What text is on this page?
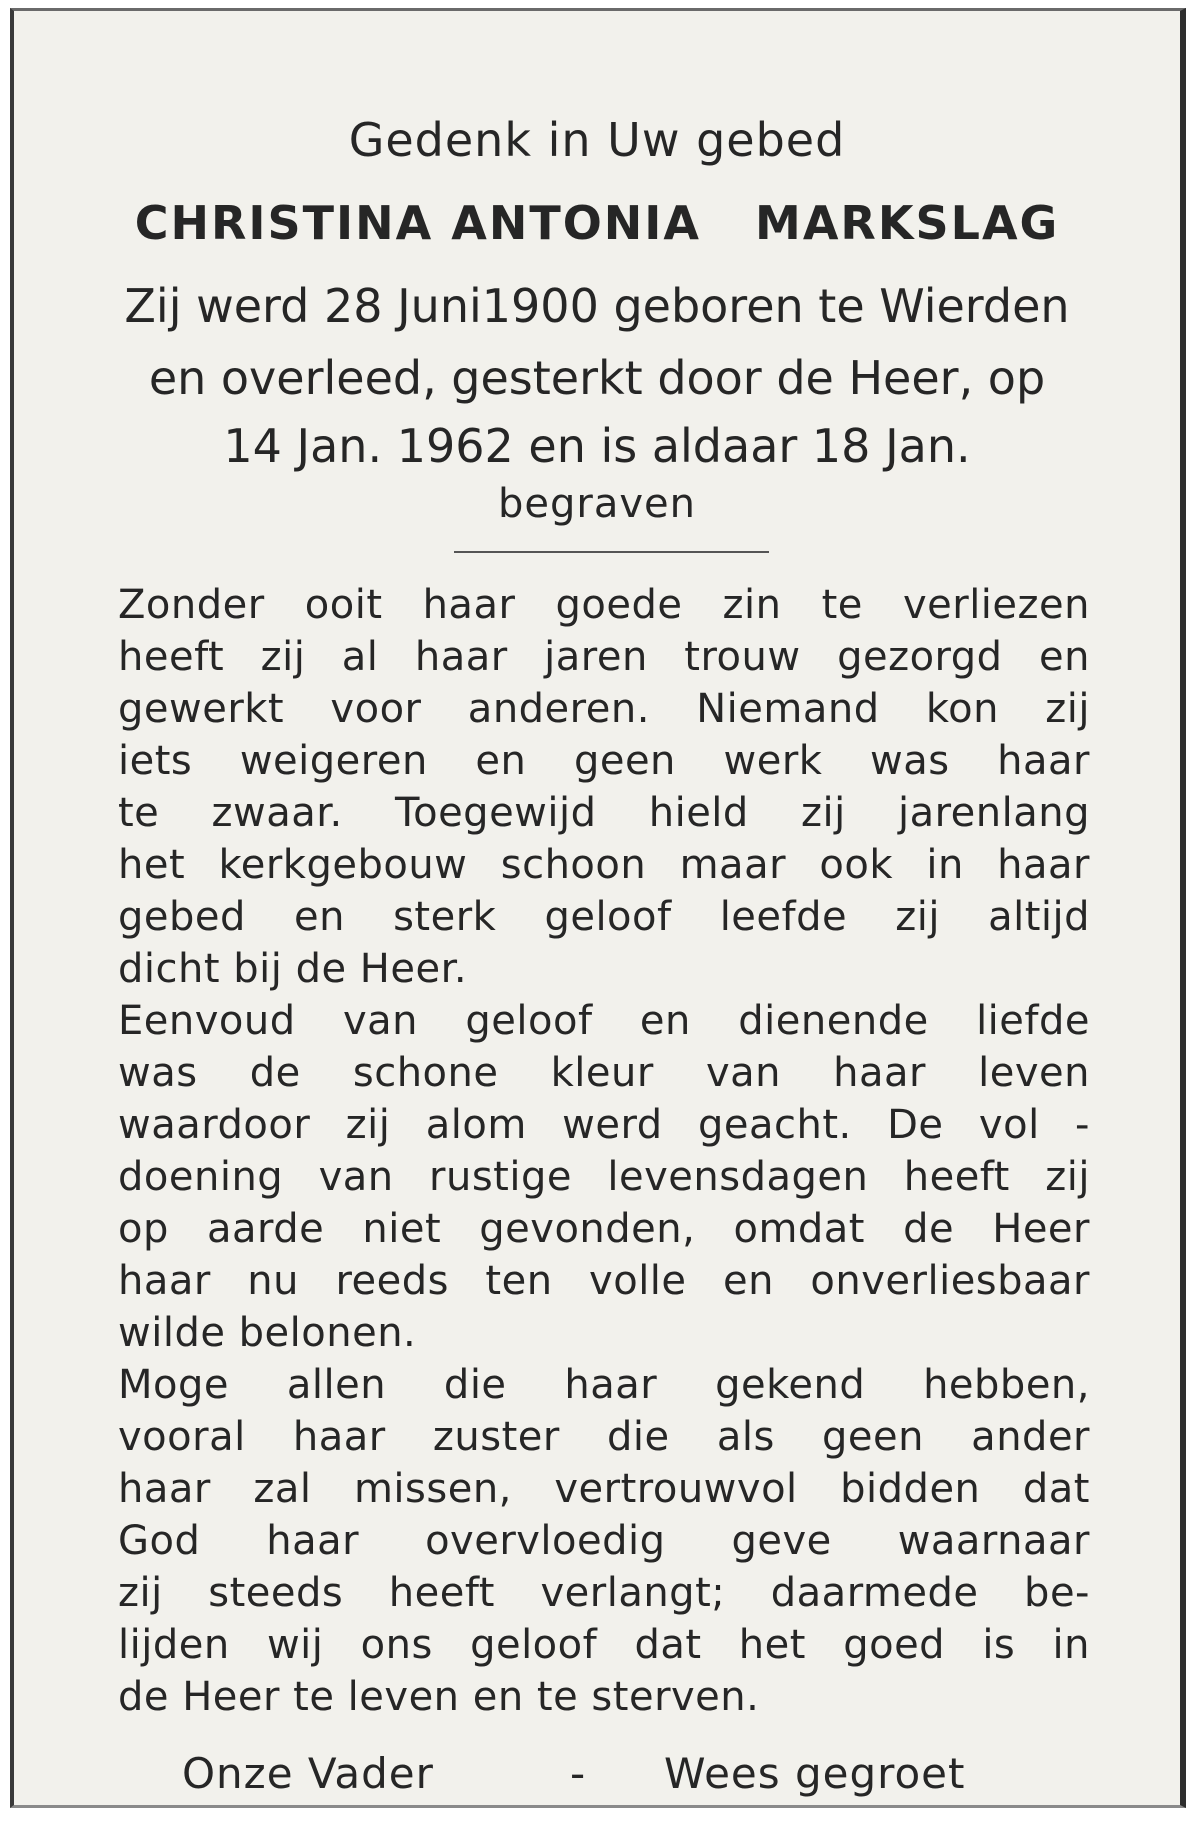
Gedenk in Uw gebed

CHRISTINA ANTONIA   MARKSLAG

Zij werd 28 Juni1900 geboren te Wierden

en overleed, gesterkt door de Heer, op

14 Jan. 1962 en is aldaar 18 Jan.

begraven

Zonder ooit haar goede zin te verliezen
heeft zij al haar jaren trouw gezorgd en
gewerkt voor anderen. Niemand kon zij
iets weigeren en geen werk was haar
te zwaar. Toegewijd hield zij jarenlang
het kerkgebouw schoon maar ook in haar
gebed en sterk geloof leefde zij altijd
dicht bij de Heer.
Eenvoud van geloof en dienende liefde
was de schone kleur van haar leven
waardoor zij alom werd geacht. De vol -
doening van rustige levensdagen heeft zij
op aarde niet gevonden, omdat de Heer
haar nu reeds ten volle en onverliesbaar
wilde belonen.
Moge allen die haar gekend hebben,
vooral haar zuster die als geen ander
haar zal missen, vertrouwvol bidden dat
God haar overvloedig geve waarnaar
zij steeds heeft verlangt; daarmede be-
lijden wij ons geloof dat het goed is in
de Heer te leven en te sterven.
Onze Vader	- Wees gegroet
